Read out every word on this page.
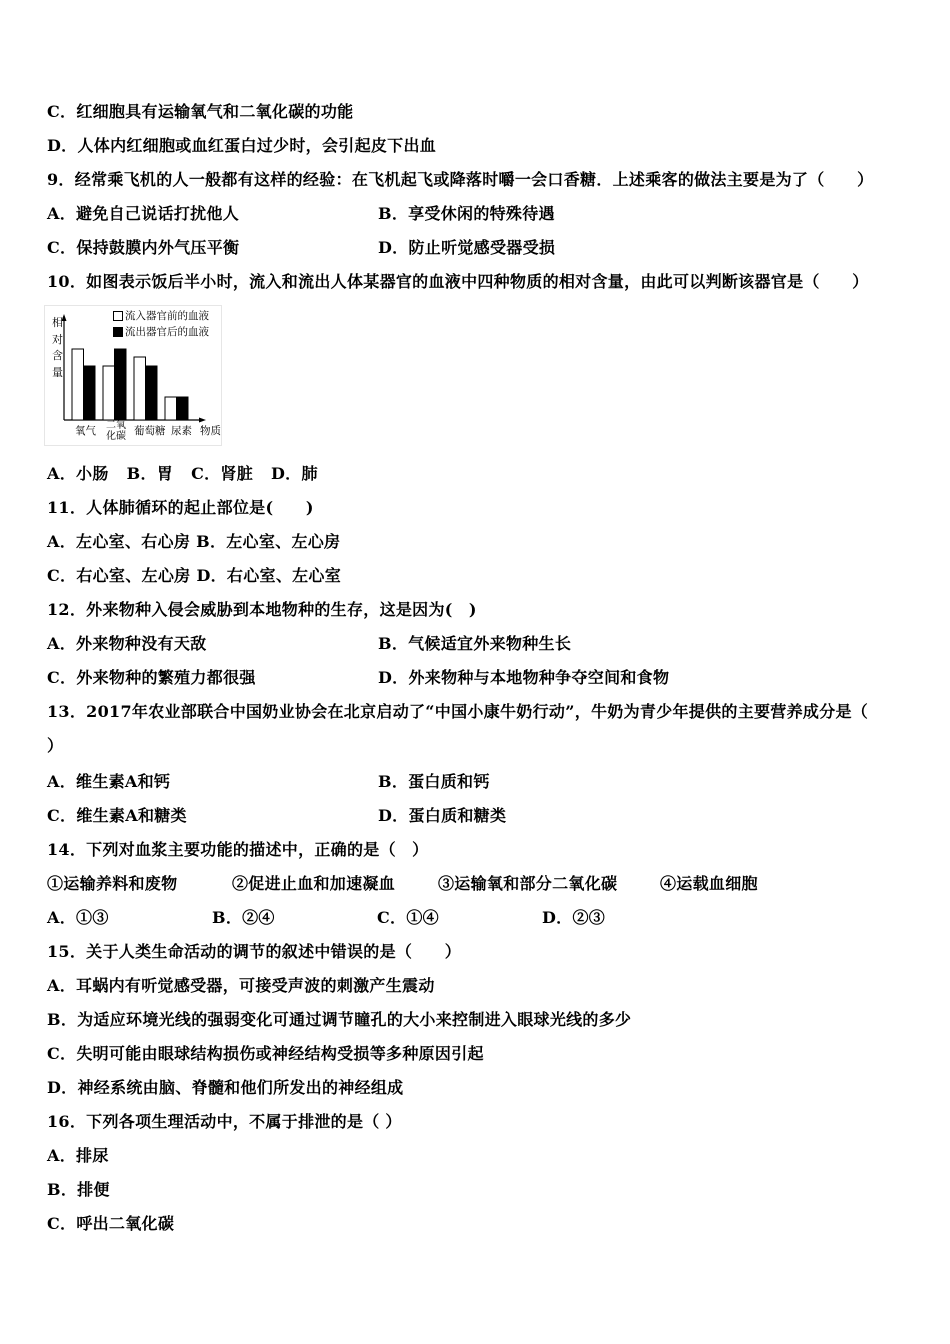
C．红细胞具有运输氧气和二氧化碳的功能
D．人体内红细胞或血红蛋白过少时，会引起皮下出血
9．经常乘飞机的人一般都有这样的经验：在飞机起飞或降落时嚼一会口香糖．上述乘客的做法主要是为了（　　）
A．避免自己说话打扰他人	B．享受休闲的特殊待遇
C．保持鼓膜内外气压平衡	D．防止听觉感受器受损
10．如图表示饭后半小时，流入和流出人体某器官的血液中四种物质的相对含量，由此可以判断该器官是（　　）
相对含量
流入器官前的血液
流出器官后的血液
氧气 二氧化碳 葡萄糖 尿素 物质
A．小肠 B．胃 C．肾脏 D．肺
11．人体肺循环的起止部位是(　　)
A．左心室、右心房 B．左心室、左心房
C．右心室、左心房 D．右心室、左心室
12．外来物种入侵会威胁到本地物种的生存，这是因为(　)
A．外来物种没有天敌	B．气候适宜外来物种生长
C．外来物种的繁殖力都很强	D．外来物种与本地物种争夺空间和食物
13．2017年农业部联合中国奶业协会在北京启动了“中国小康牛奶行动”，牛奶为青少年提供的主要营养成分是（
）
A．维生素A和钙	B．蛋白质和钙
C．维生素A和糖类	D．蛋白质和糖类
14．下列对血浆主要功能的描述中，正确的是（　）
①运输养料和废物	②促进止血和加速凝血	③运输氧和部分二氧化碳	④运载血细胞
A．①③	B．②④	C．①④	D．②③
15．关于人类生命活动的调节的叙述中错误的是（　　）
A．耳蜗内有听觉感受器，可接受声波的刺激产生震动
B．为适应环境光线的强弱变化可通过调节瞳孔的大小来控制进入眼球光线的多少
C．失明可能由眼球结构损伤或神经结构受损等多种原因引起
D．神经系统由脑、脊髓和他们所发出的神经组成
16．下列各项生理活动中，不属于排泄的是（ ）
A．排尿
B．排便
C．呼出二氧化碳
